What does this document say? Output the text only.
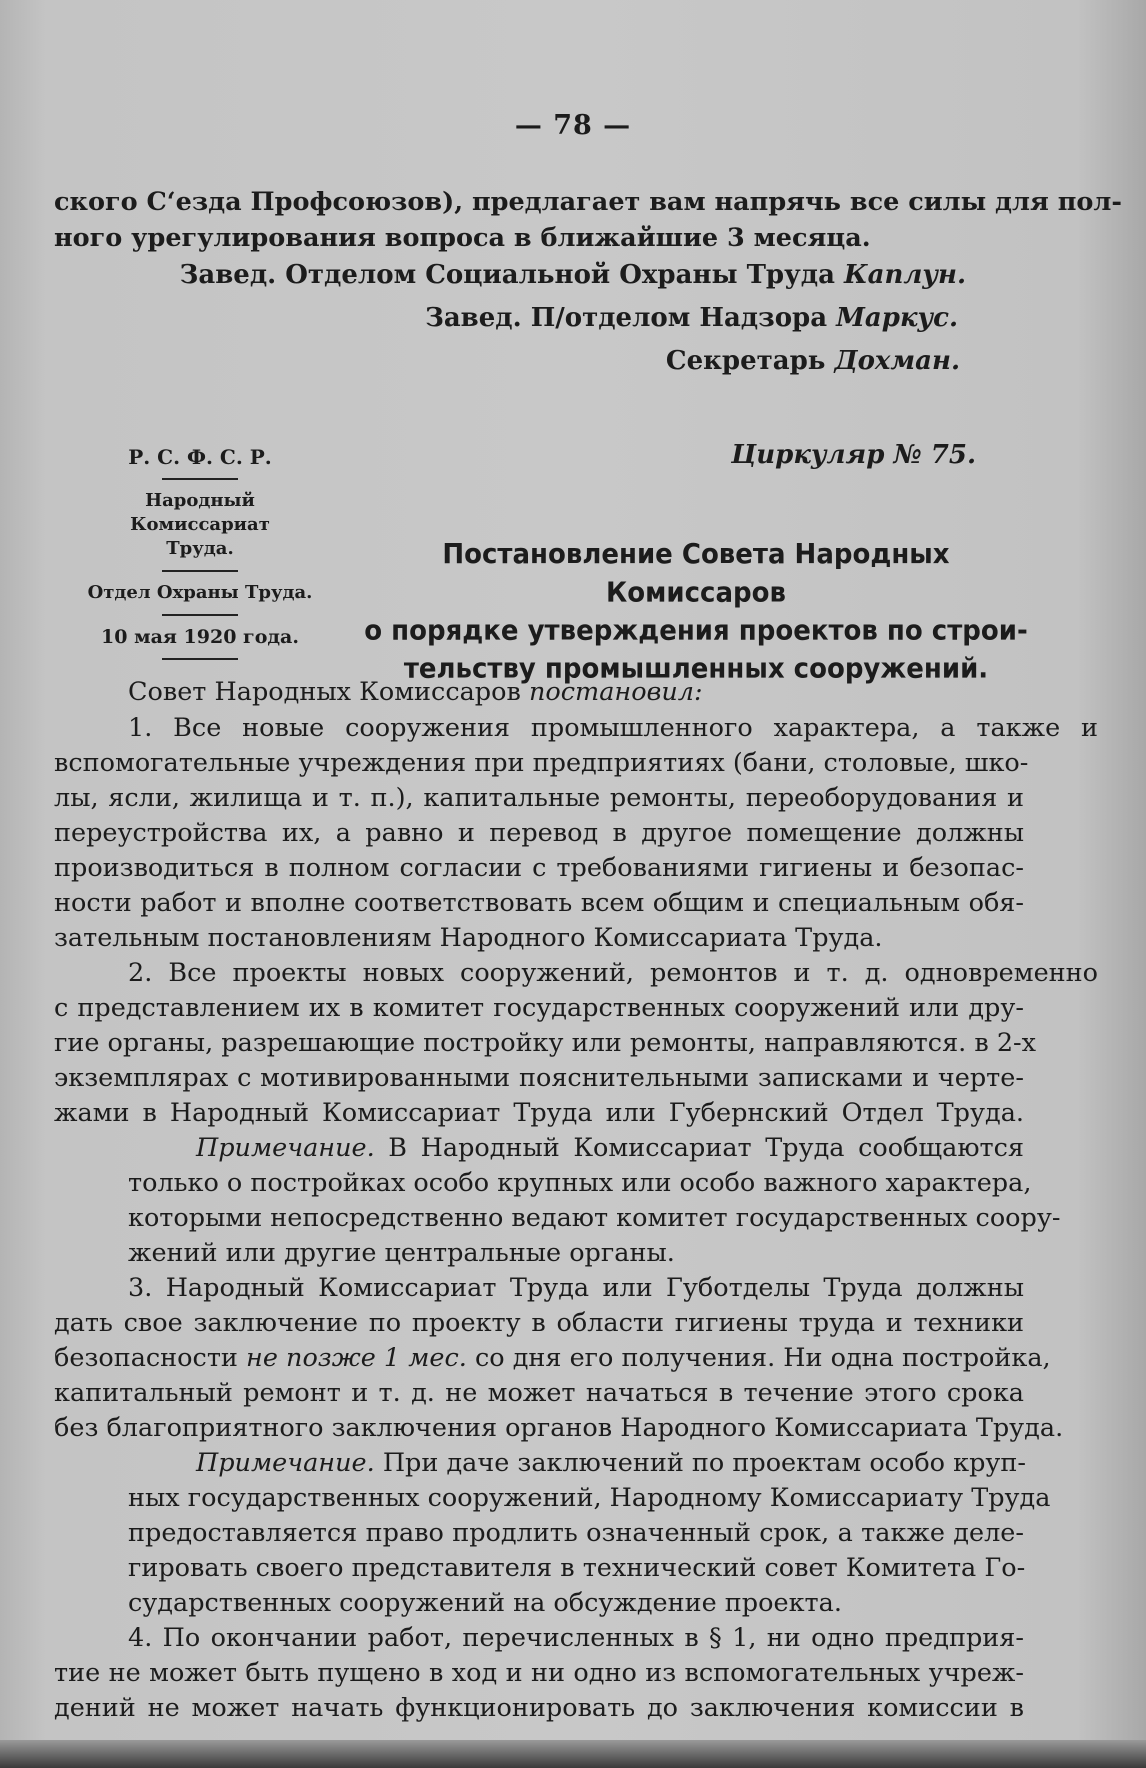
— 78 —
ского С‘езда Профсоюзов), предлагает вам напрячь все силы для пол-
ного урегулирования вопроса в ближайшие 3 месяца.
Завед. Отделом Социальной Охраны Труда Каплун.
Завед. П/отделом Надзора Маркус.
Секретарь Дохман.
Р. С. Ф. С. Р.
Народный Комиссариат Труда.
Отдел Охраны Труда.
10 мая 1920 года.
Циркуляр № 75.
Постановление Совета Народных Комиссаров
о порядке утверждения проектов по строи-
тельству промышленных сооружений.
Совет Народных Комиссаров постановил:
1. Все новые сооружения промышленного характера, а также и
вспомогательные учреждения при предприятиях (бани, столовые, шко-
лы, ясли, жилища и т. п.), капитальные ремонты, переоборудования и
переустройства их, а равно и перевод в другое помещение должны
производиться в полном согласии с требованиями гигиены и безопас-
ности работ и вполне соответствовать всем общим и специальным обя-
зательным постановлениям Народного Комиссариата Труда.
2. Все проекты новых сооружений, ремонтов и т. д. одновременно
с представлением их в комитет государственных сооружений или дру-
гие органы, разрешающие постройку или ремонты, направляются. в 2-х
экземплярах с мотивированными пояснительными записками и черте-
жами в Народный Комиссариат Труда или Губернский Отдел Труда.
Примечание. В Народный Комиссариат Труда сообщаются
только о постройках особо крупных или особо важного характера,
которыми непосредственно ведают комитет государственных соору-
жений или другие центральные органы.
3. Народный Комиссариат Труда или Губотделы Труда должны
дать свое заключение по проекту в области гигиены труда и техники
безопасности не позже 1 мес. со дня его получения. Ни одна постройка,
капитальный ремонт и т. д. не может начаться в течение этого срока
без благоприятного заключения органов Народного Комиссариата Труда.
Примечание. При даче заключений по проектам особо круп-
ных государственных сооружений, Народному Комиссариату Труда
предоставляется право продлить означенный срок, а также деле-
гировать своего представителя в технический совет Комитета Го-
сударственных сооружений на обсуждение проекта.
4. По окончании работ, перечисленных в § 1, ни одно предприя-
тие не может быть пущено в ход и ни одно из вспомогательных учреж-
дений не может начать функционировать до заключения комиссии в
